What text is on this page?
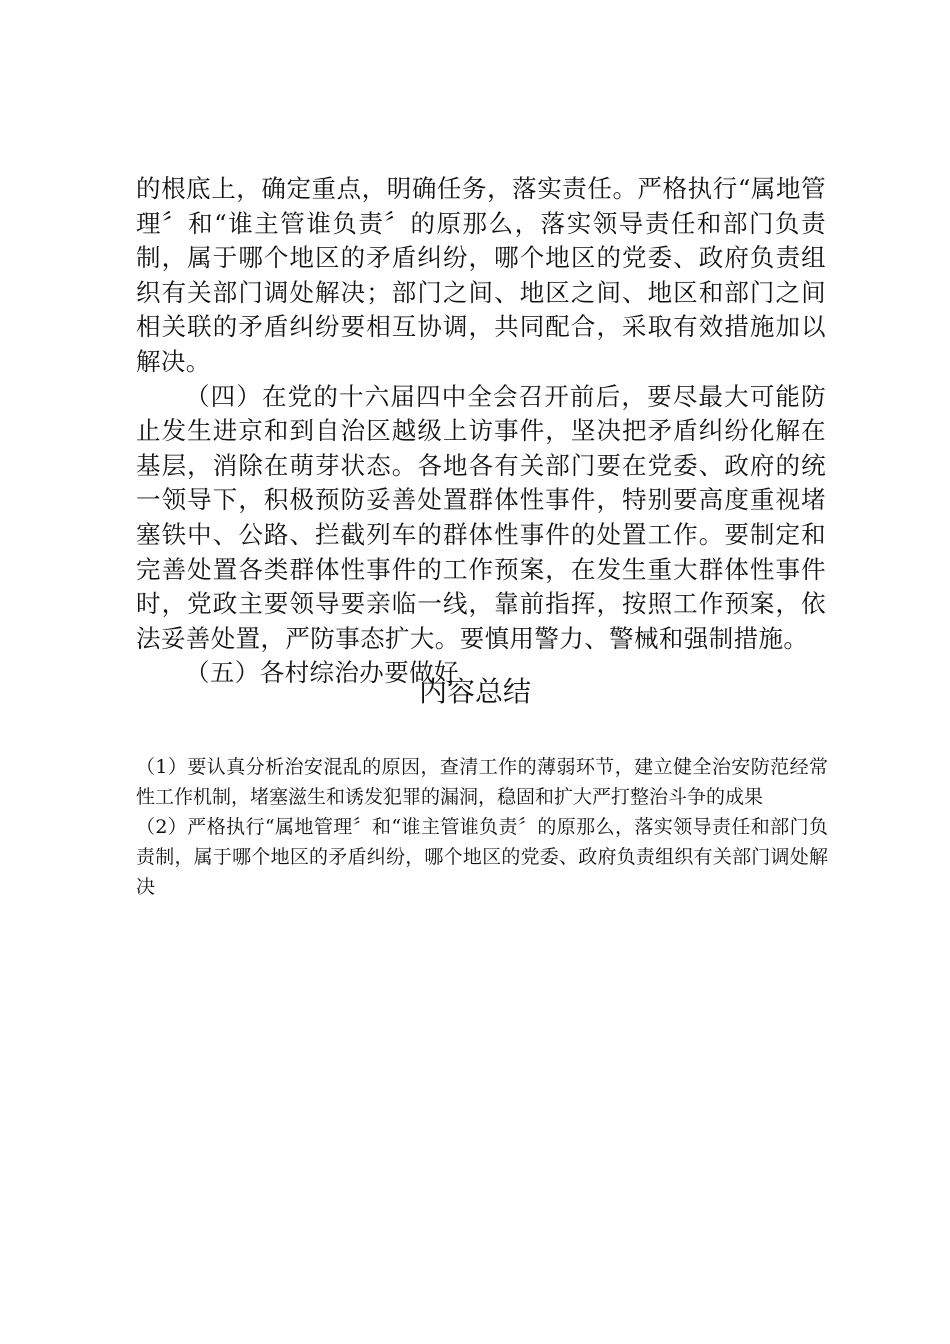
的根底上，确定重点，明确任务，落实责任。严格执行“属地管理〞和“谁主管谁负责〞的原那么，落实领导责任和部门负责制，属于哪个地区的矛盾纠纷，哪个地区的党委、政府负责组织有关部门调处解决；部门之间、地区之间、地区和部门之间相关联的矛盾纠纷要相互协调，共同配合，采取有效措施加以解决。

（四）在党的十六届四中全会召开前后，要尽最大可能防止发生进京和到自治区越级上访事件，坚决把矛盾纠纷化解在基层，消除在萌芽状态。各地各有关部门要在党委、政府的统一领导下，积极预防妥善处置群体性事件，特别要高度重视堵塞铁中、公路、拦截列车的群体性事件的处置工作。要制定和完善处置各类群体性事件的工作预案，在发生重大群体性事件时，党政主要领导要亲临一线，靠前指挥，按照工作预案，依法妥善处置，严防事态扩大。要慎用警力、警械和强制措施。

（五）各村综治办要做好

内容总结

（1）要认真分析治安混乱的原因，查清工作的薄弱环节，建立健全治安防范经常性工作机制，堵塞滋生和诱发犯罪的漏洞，稳固和扩大严打整治斗争的成果

（2）严格执行“属地管理〞和“谁主管谁负责〞的原那么，落实领导责任和部门负责制，属于哪个地区的矛盾纠纷，哪个地区的党委、政府负责组织有关部门调处解决
